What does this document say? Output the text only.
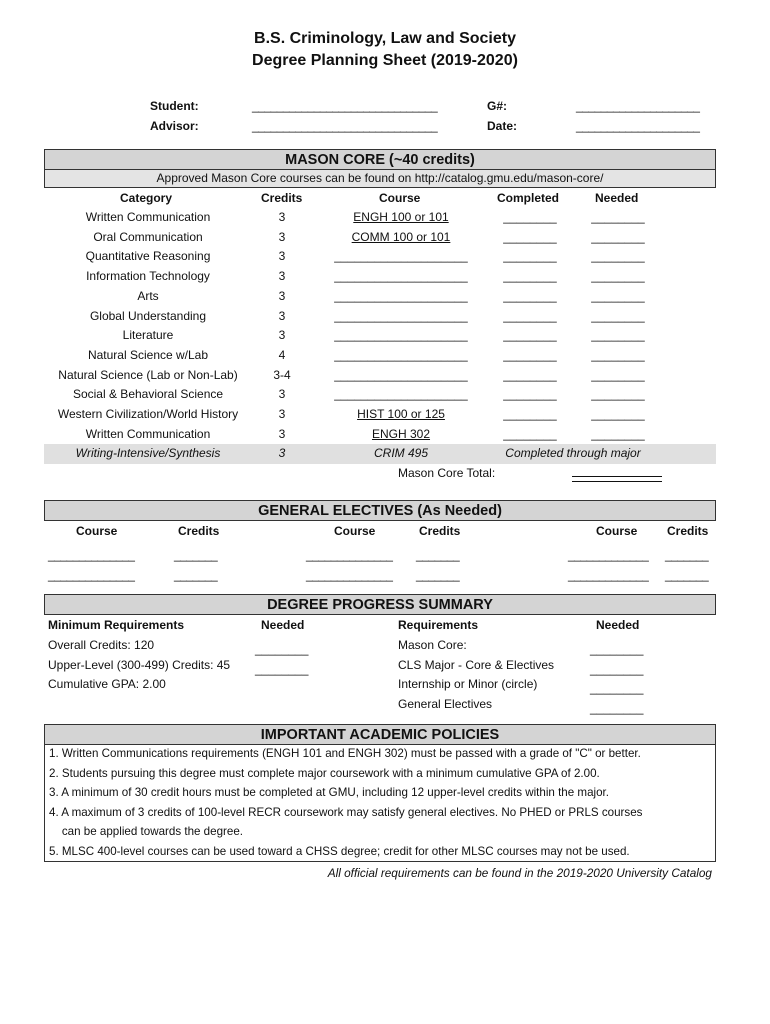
B.S. Criminology, Law and Society
Degree Planning Sheet (2019-2020)
Student:	______________________________	G#:	____________________
Advisor:	______________________________	Date:	____________________
MASON CORE (~40 credits)
Approved Mason Core courses can be found on http://catalog.gmu.edu/mason-core/
Category	Credits	Course	Completed	Needed
Written Communication	3	ENGH 100 or 101	________	________
Oral Communication	3	COMM 100 or 101	________	________
Quantitative Reasoning	3	____________________	________	________
Information Technology	3	____________________	________	________
Arts	3	____________________	________	________
Global Understanding	3	____________________	________	________
Literature	3	____________________	________	________
Natural Science w/Lab	4	____________________	________	________
Natural Science (Lab or Non-Lab)	3-4	____________________	________	________
Social & Behavioral Science	3	____________________	________	________
Western Civilization/World History	3	HIST 100 or 125	________	________
Written Communication	3	ENGH 302	________	________
Writing-Intensive/Synthesis	3	CRIM 495	Completed through major
Mason Core Total:
GENERAL ELECTIVES (As Needed)
Course	Credits	Course	Credits	Course Credits
______________	_______	______________ _______	_____________ _______
______________	_______	______________ _______	_____________ _______
DEGREE PROGRESS SUMMARY
Minimum Requirements	Needed	Requirements	Needed
Overall Credits: 120	________
Upper-Level (300-499) Credits: 45 ________
Cumulative GPA: 2.00
Mason Core:	________
CLS Major - Core & Electives	________
Internship or Minor (circle)	________
General Electives	________
IMPORTANT ACADEMIC POLICIES
1. Written Communications requirements (ENGH 101 and ENGH 302) must be passed with a grade of "C" or better.
2. Students pursuing this degree must complete major coursework with a minimum cumulative GPA of 2.00.
3. A minimum of 30 credit hours must be completed at GMU, including 12 upper-level credits within the major.
4. A maximum of 3 credits of 100-level RECR coursework may satisfy general electives. No PHED or PRLS courses
can be applied towards the degree.
5. MLSC 400-level courses can be used toward a CHSS degree; credit for other MLSC courses may not be used.
All official requirements can be found in the 2019-2020 University Catalog
